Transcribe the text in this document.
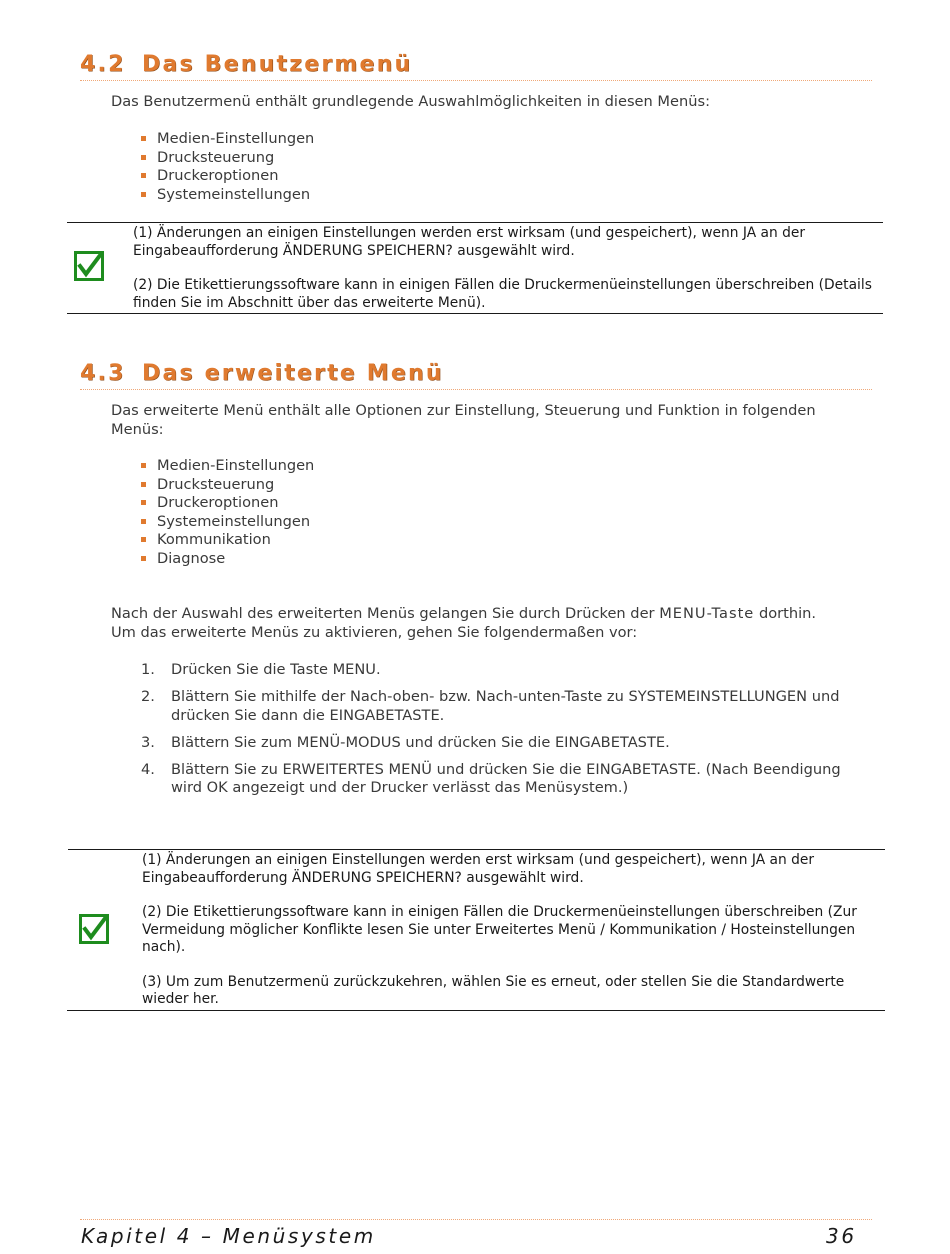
4.2 Das Benutzermenü
Das Benutzermenü enthält grundlegende Auswahlmöglichkeiten in diesen Menüs:
Medien-Einstellungen
Drucksteuerung
Druckeroptionen
Systemeinstellungen

(1) Änderungen an einigen Einstellungen werden erst wirksam (und gespeichert), wenn JA an der Eingabeaufforderung ÄNDERUNG SPEICHERN? ausgewählt wird.

(2) Die Etikettierungssoftware kann in einigen Fällen die Druckermenüeinstellungen überschreiben (Details finden Sie im Abschnitt über das erweiterte Menü).

4.3 Das erweiterte Menü
Das erweiterte Menü enthält alle Optionen zur Einstellung, Steuerung und Funktion in folgenden Menüs:
Medien-Einstellungen
Drucksteuerung
Druckeroptionen
Systemeinstellungen
Kommunikation
Diagnose
Nach der Auswahl des erweiterten Menüs gelangen Sie durch Drücken der MENU-Taste dorthin.
Um das erweiterte Menüs zu aktivieren, gehen Sie folgendermaßen vor:
1. Drücken Sie die Taste MENU.
2. Blättern Sie mithilfe der Nach-oben- bzw. Nach-unten-Taste zu SYSTEMEINSTELLUNGEN und drücken Sie dann die EINGABETASTE.
3. Blättern Sie zum MENÜ-MODUS und drücken Sie die EINGABETASTE.
4. Blättern Sie zu ERWEITERTES MENÜ und drücken Sie die EINGABETASTE. (Nach Beendigung wird OK angezeigt und der Drucker verlässt das Menüsystem.)

(1) Änderungen an einigen Einstellungen werden erst wirksam (und gespeichert), wenn JA an der Eingabeaufforderung ÄNDERUNG SPEICHERN? ausgewählt wird.

(2) Die Etikettierungssoftware kann in einigen Fällen die Druckermenüeinstellungen überschreiben (Zur Vermeidung möglicher Konflikte lesen Sie unter Erweitertes Menü / Kommunikation / Hosteinstellungen nach).

(3) Um zum Benutzermenü zurückzukehren, wählen Sie es erneut, oder stellen Sie die Standardwerte wieder her.

Kapitel 4 – Menüsystem	36
